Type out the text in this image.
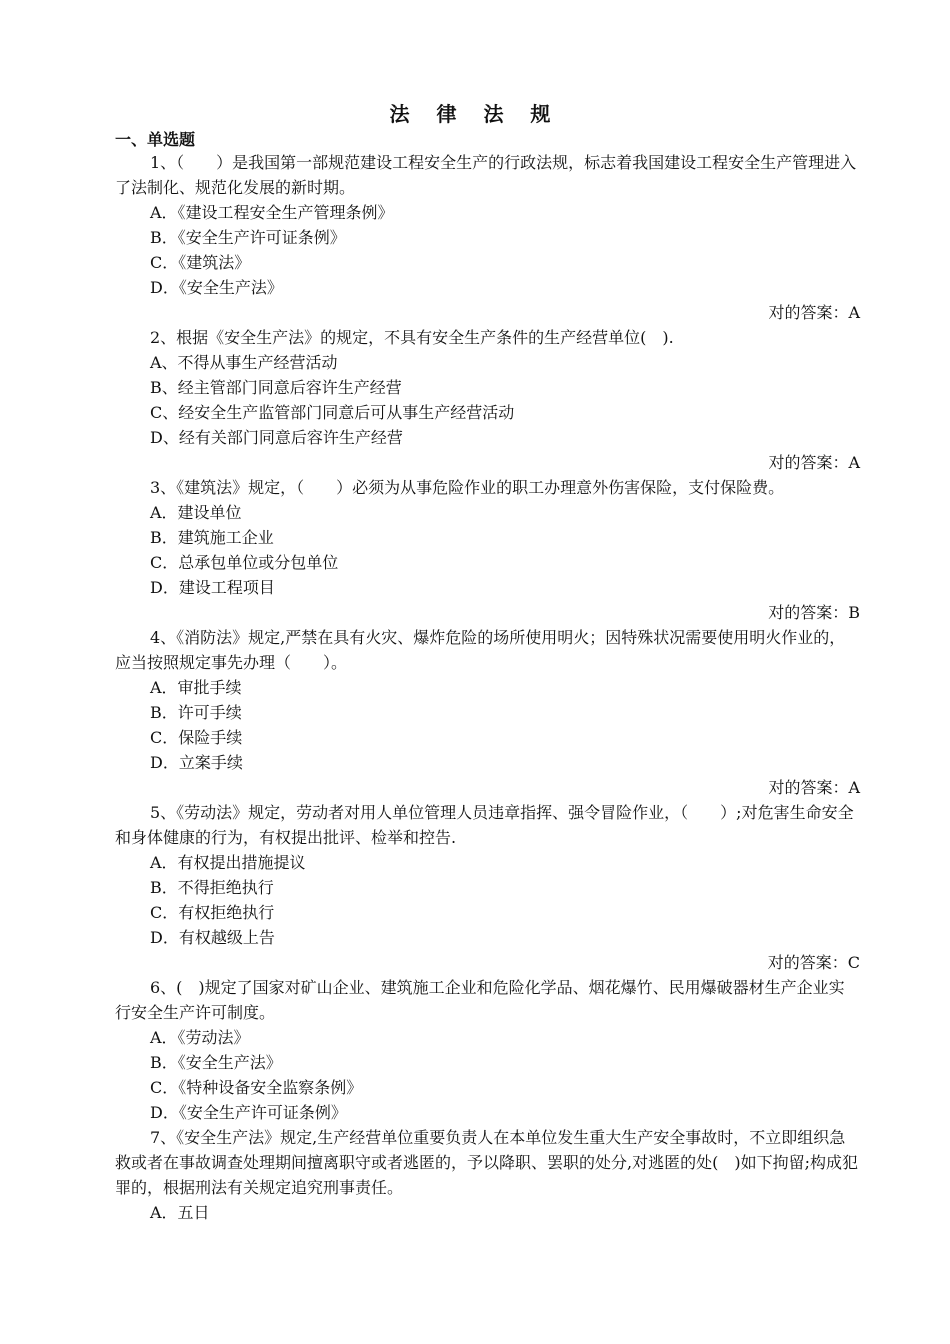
法 律 法 规
一、单选题

1、（　　）是我国第一部规范建设工程安全生产的行政法规，标志着我国建设工程安全生产管理进入了法制化、规范化发展的新时期。

A．《建设工程安全生产管理条例》

B．《安全生产许可证条例》

C．《建筑法》

D．《安全生产法》

对的答案：A

2、根据《安全生产法》的规定，不具有安全生产条件的生产经营单位(　).

A、不得从事生产经营活动

B、经主管部门同意后容许生产经营

C、经安全生产监管部门同意后可从事生产经营活动

D、经有关部门同意后容许生产经营

对的答案：A

3、《建筑法》规定，（　　）必须为从事危险作业的职工办理意外伤害保险，支付保险费。

A．建设单位

B．建筑施工企业

C．总承包单位或分包单位

D．建设工程项目

对的答案：B

4、《消防法》规定,严禁在具有火灾、爆炸危险的场所使用明火；因特殊状况需要使用明火作业的，应当按照规定事先办理（　　）。

A．审批手续

B．许可手续

C．保险手续

D．立案手续

对的答案：A

5、《劳动法》规定，劳动者对用人单位管理人员违章指挥、强令冒险作业，（　　）;对危害生命安全和身体健康的行为，有权提出批评、检举和控告.

A．有权提出措施提议

B．不得拒绝执行

C．有权拒绝执行

D．有权越级上告

对的答案：C

6、(　)规定了国家对矿山企业、建筑施工企业和危险化学品、烟花爆竹、民用爆破器材生产企业实行安全生产许可制度。

A．《劳动法》

B．《安全生产法》

C．《特种设备安全监察条例》

D．《安全生产许可证条例》

7、《安全生产法》规定,生产经营单位重要负责人在本单位发生重大生产安全事故时，不立即组织急救或者在事故调查处理期间擅离职守或者逃匿的，予以降职、罢职的处分,对逃匿的处(　)如下拘留;构成犯罪的，根据刑法有关规定追究刑事责任。

A．五日
